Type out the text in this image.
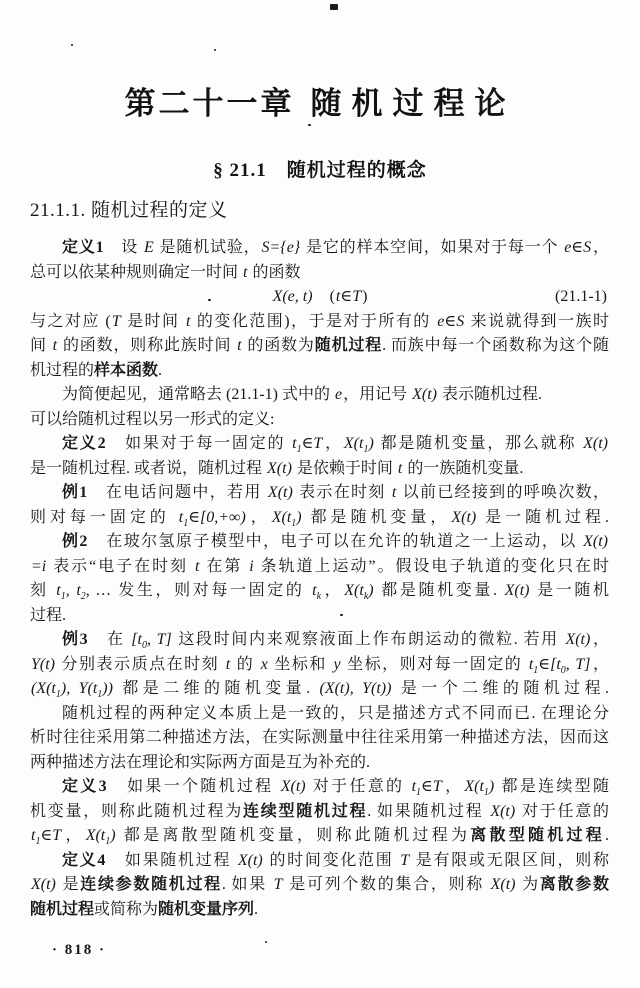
第二十一章 随机过程论
§ 21.1　随机过程的概念
21.1.1. 随机过程的定义
定义1　设 E 是随机试验，S={e} 是它的样本空间，如果对于每一个 e∈S，
总可以依某种规则确定一时间 t 的函数
X(e, t)　(t∈T)	(21.1-1)
与之对应 (T 是时间 t 的变化范围)，于是对于所有的 e∈S 来说就得到一族时
间 t 的函数，则称此族时间 t 的函数为随机过程. 而族中每一个函数称为这个随
机过程的样本函数.
为简便起见，通常略去 (21.1-1) 式中的 e，用记号 X(t) 表示随机过程.
可以给随机过程以另一形式的定义:
定义2　如果对于每一固定的 $t_1\in T$，$X(t_1)$ 都是随机变量，那么就称 X(t)
是一随机过程. 或者说，随机过程 X(t) 是依赖于时间 t 的一族随机变量.
例1　在电话问题中，若用 X(t) 表示在时刻 t 以前已经接到的呼唤次数，
则对每一固定的 $t_1\in[0,+\infty)$，$X(t_1)$ 都是随机变量，X(t) 是一随机过程.
例2　在玻尔氢原子模型中，电子可以在允许的轨道之一上运动，以 X(t)
=i 表示“电子在时刻 t 在第 i 条轨道上运动”。假设电子轨道的变化只在时
刻 $t_1$, $t_2$, … 发生，则对每一固定的 $t_k$，$X(t_k)$ 都是随机变量. X(t) 是一随机
过程.
例3　在 [$t_0$, T] 这段时间内来观察液面上作布朗运动的微粒. 若用 X(t)，
Y(t) 分别表示质点在时刻 t 的 x 坐标和 y 坐标，则对每一固定的 $t_1\in[t_0$, T]，
($X(t_1)$, $Y(t_1)$) 都是二维的随机变量. (X(t), Y(t)) 是一个二维的随机过程.
随机过程的两种定义本质上是一致的，只是描述方式不同而已. 在理论分
析时往往采用第二种描述方法，在实际测量中往往采用第一种描述方法，因而这
两种描述方法在理论和实际两方面是互为补充的.
定义3　如果一个随机过程 X(t) 对于任意的 $t_1\in T$，$X(t_1)$ 都是连续型随
机变量，则称此随机过程为连续型随机过程. 如果随机过程 X(t) 对于任意的
$t_1\in T$，$X(t_1)$ 都是离散型随机变量，则称此随机过程为离散型随机过程.
定义4　如果随机过程 X(t) 的时间变化范围 T 是有限或无限区间，则称
X(t) 是连续参数随机过程. 如果 T 是可列个数的集合，则称 X(t) 为离散参数
随机过程或简称为随机变量序列.
· 818 ·
